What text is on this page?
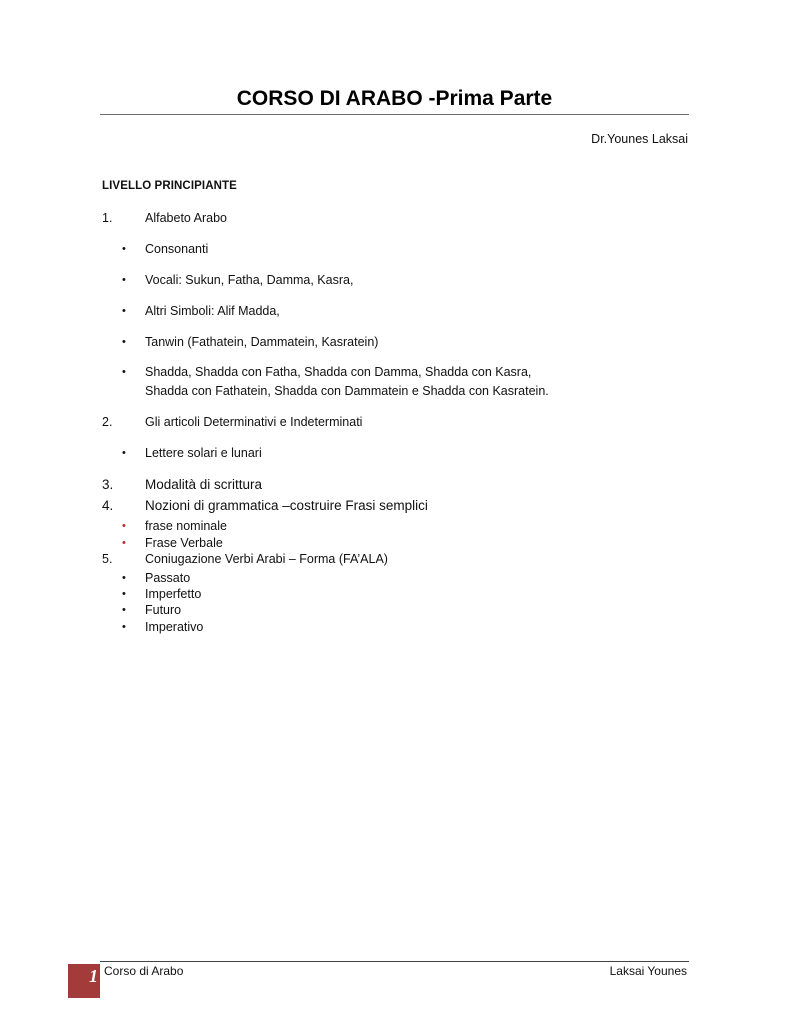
CORSO DI ARABO -Prima Parte
Dr.Younes Laksai
LIVELLO PRINCIPIANTE
1.	Alfabeto Arabo
• Consonanti
• Vocali: Sukun, Fatha, Damma, Kasra,
• Altri Simboli: Alif Madda,
• Tanwin (Fathatein, Dammatein, Kasratein)
• Shadda, Shadda con Fatha, Shadda con Damma, Shadda con Kasra,
Shadda con Fathatein, Shadda con Dammatein e Shadda con Kasratein.
2.	Gli articoli Determinativi e Indeterminati
• Lettere solari e lunari
3. Modalità di scrittura
4. Nozioni di grammatica –costruire Frasi semplici
• frase nominale
• Frase Verbale
5.	Coniugazione Verbi Arabi – Forma (FA’ALA)
• Passato
• Imperfetto
• Futuro
• Imperativo
1 Corso di Arabo	Laksai Younes
